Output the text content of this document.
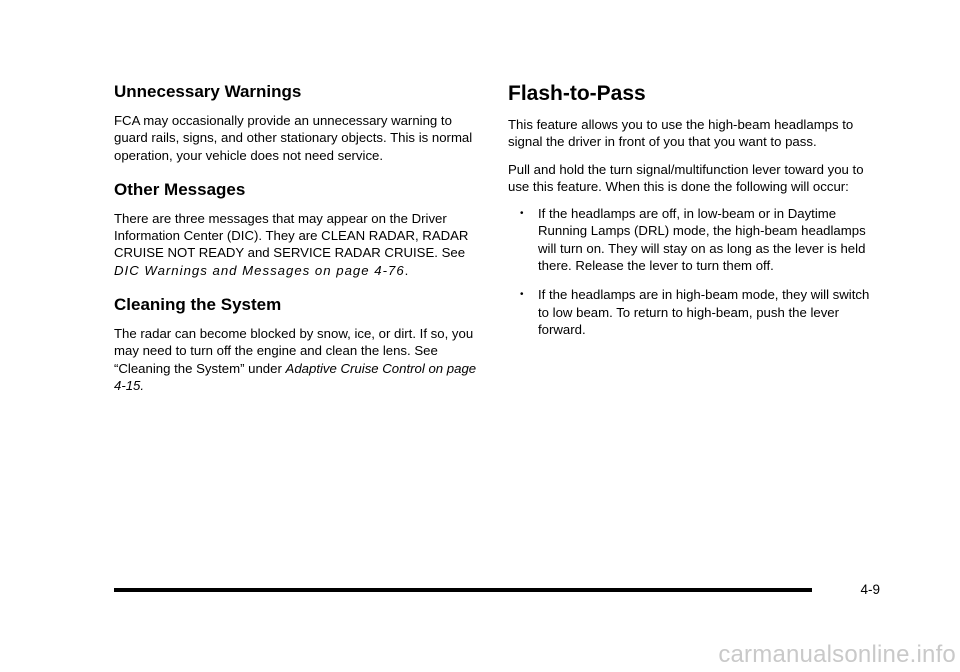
Unnecessary Warnings

FCA may occasionally provide an unnecessary warning to guard rails, signs, and other stationary objects. This is normal operation, your vehicle does not need service.

Other Messages

There are three messages that may appear on the Driver Information Center (DIC). They are CLEAN RADAR, RADAR CRUISE NOT READY and SERVICE RADAR CRUISE. See DIC Warnings and Messages on page 4-76.

Cleaning the System

The radar can become blocked by snow, ice, or dirt. If so, you may need to turn off the engine and clean the lens. See “Cleaning the System” under Adaptive Cruise Control on page 4-15.

Flash-to-Pass

This feature allows you to use the high-beam headlamps to signal the driver in front of you that you want to pass.

Pull and hold the turn signal/multifunction lever toward you to use this feature. When this is done the following will occur:

• If the headlamps are off, in low-beam or in Daytime Running Lamps (DRL) mode, the high-beam headlamps will turn on. They will stay on as long as the lever is held there. Release the lever to turn them off.
• If the headlamps are in high-beam mode, they will switch to low beam. To return to high-beam, push the lever forward.
4-9
carmanualsonline.info
